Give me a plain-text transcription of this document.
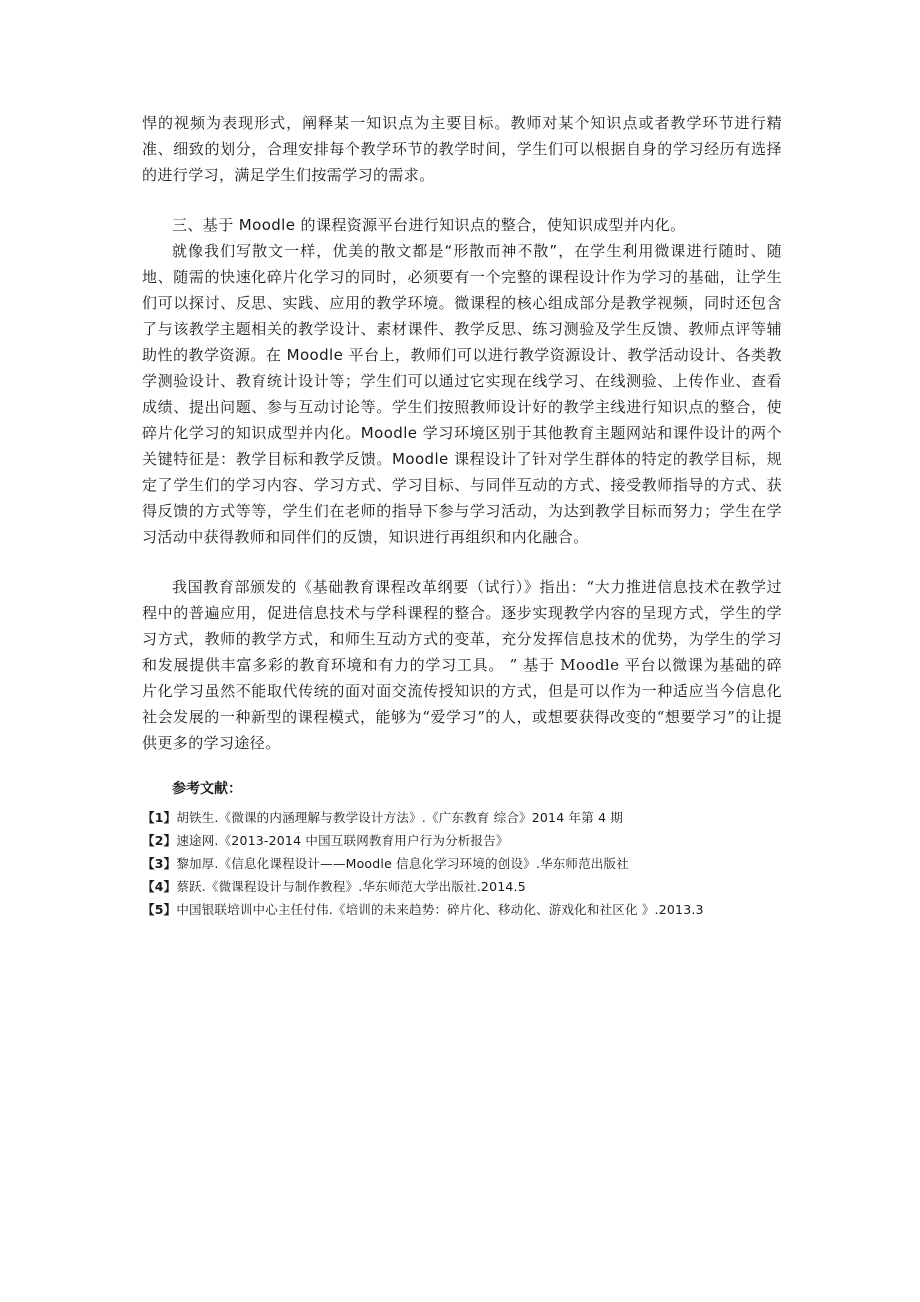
悍的视频为表现形式，阐释某一知识点为主要目标。教师对某个知识点或者教学环节进行精准、细致的划分，合理安排每个教学环节的教学时间，学生们可以根据自身的学习经历有选择的进行学习，满足学生们按需学习的需求。

三、基于 Moodle 的课程资源平台进行知识点的整合，使知识成型并内化。

就像我们写散文一样，优美的散文都是“形散而神不散”，在学生利用微课进行随时、随地、随需的快速化碎片化学习的同时，必须要有一个完整的课程设计作为学习的基础，让学生们可以探讨、反思、实践、应用的教学环境。微课程的核心组成部分是教学视频，同时还包含了与该教学主题相关的教学设计、素材课件、教学反思、练习测验及学生反馈、教师点评等辅助性的教学资源。在 Moodle 平台上，教师们可以进行教学资源设计、教学活动设计、各类教学测验设计、教育统计设计等；学生们可以通过它实现在线学习、在线测验、上传作业、查看成绩、提出问题、参与互动讨论等。学生们按照教师设计好的教学主线进行知识点的整合，使碎片化学习的知识成型并内化。Moodle 学习环境区别于其他教育主题网站和课件设计的两个关键特征是：教学目标和教学反馈。Moodle 课程设计了针对学生群体的特定的教学目标，规定了学生们的学习内容、学习方式、学习目标、与同伴互动的方式、接受教师指导的方式、获得反馈的方式等等，学生们在老师的指导下参与学习活动，为达到教学目标而努力；学生在学习活动中获得教师和同伴们的反馈，知识进行再组织和内化融合。

我国教育部颁发的《基础教育课程改革纲要（试行）》指出：“大力推进信息技术在教学过程中的普遍应用，促进信息技术与学科课程的整合。逐步实现教学内容的呈现方式，学生的学习方式，教师的教学方式，和师生互动方式的变革，充分发挥信息技术的优势，为学生的学习和发展提供丰富多彩的教育环境和有力的学习工具。 ” 基于 Moodle 平台以微课为基础的碎片化学习虽然不能取代传统的面对面交流传授知识的方式，但是可以作为一种适应当今信息化社会发展的一种新型的课程模式，能够为“爱学习”的人，或想要获得改变的“想要学习”的让提供更多的学习途径。

参考文献：

【1】胡铁生.《微课的内涵理解与教学设计方法》.《广东教育 综合》2014 年第 4 期

【2】速途网.《2013-2014 中国互联网教育用户行为分析报告》

【3】黎加厚.《信息化课程设计——Moodle 信息化学习环境的创设》.华东师范出版社

【4】蔡跃.《微课程设计与制作教程》.华东师范大学出版社.2014.5

【5】中国银联培训中心主任付伟.《培训的未来趋势：碎片化、移动化、游戏化和社区化 》.2013.3
